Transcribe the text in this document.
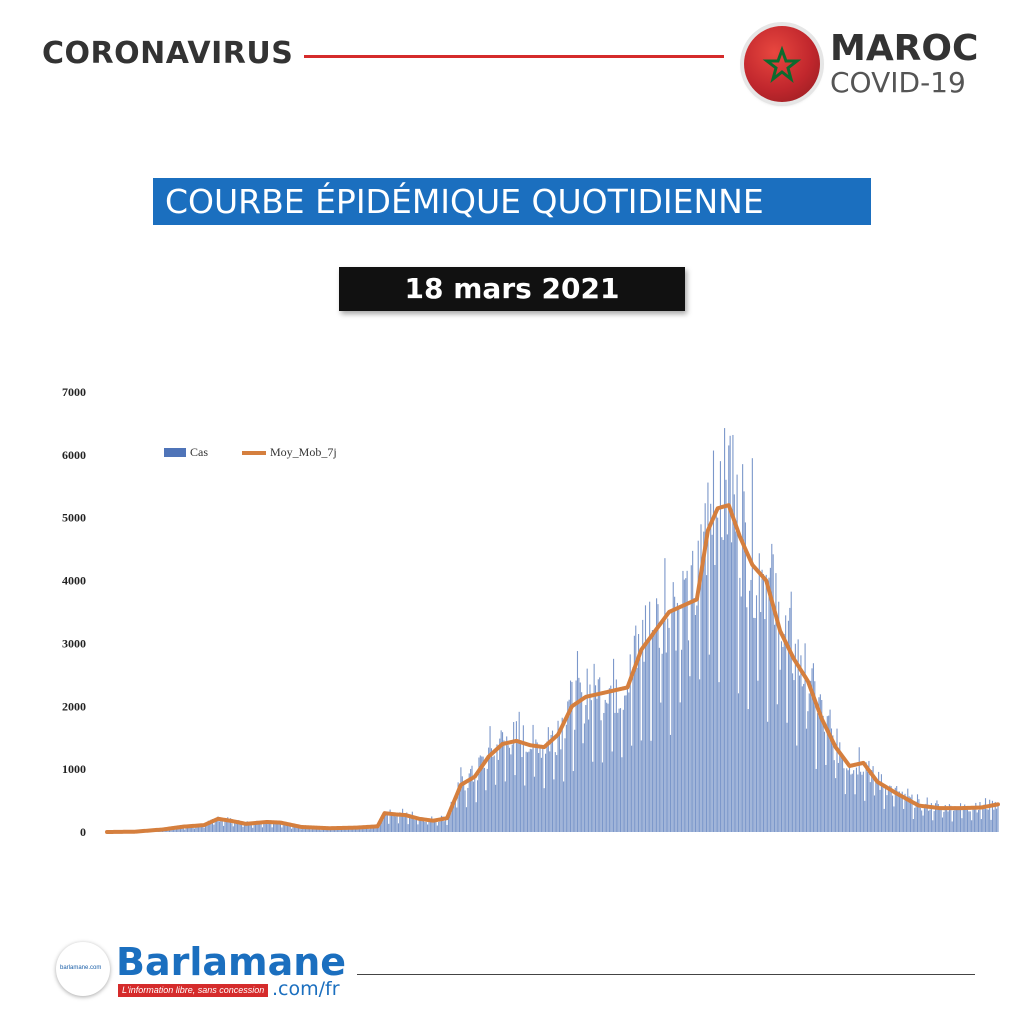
CORONAVIRUS	MAROC
COVID-19
COURBE ÉPIDÉMIQUE QUOTIDIENNE
18 mars 2021
0
1000
2000
3000
4000
5000
6000
7000
Cas	Moy_Mob_7j
barlamane.com Barlamane
L'information libre, sans concession .com/fr
